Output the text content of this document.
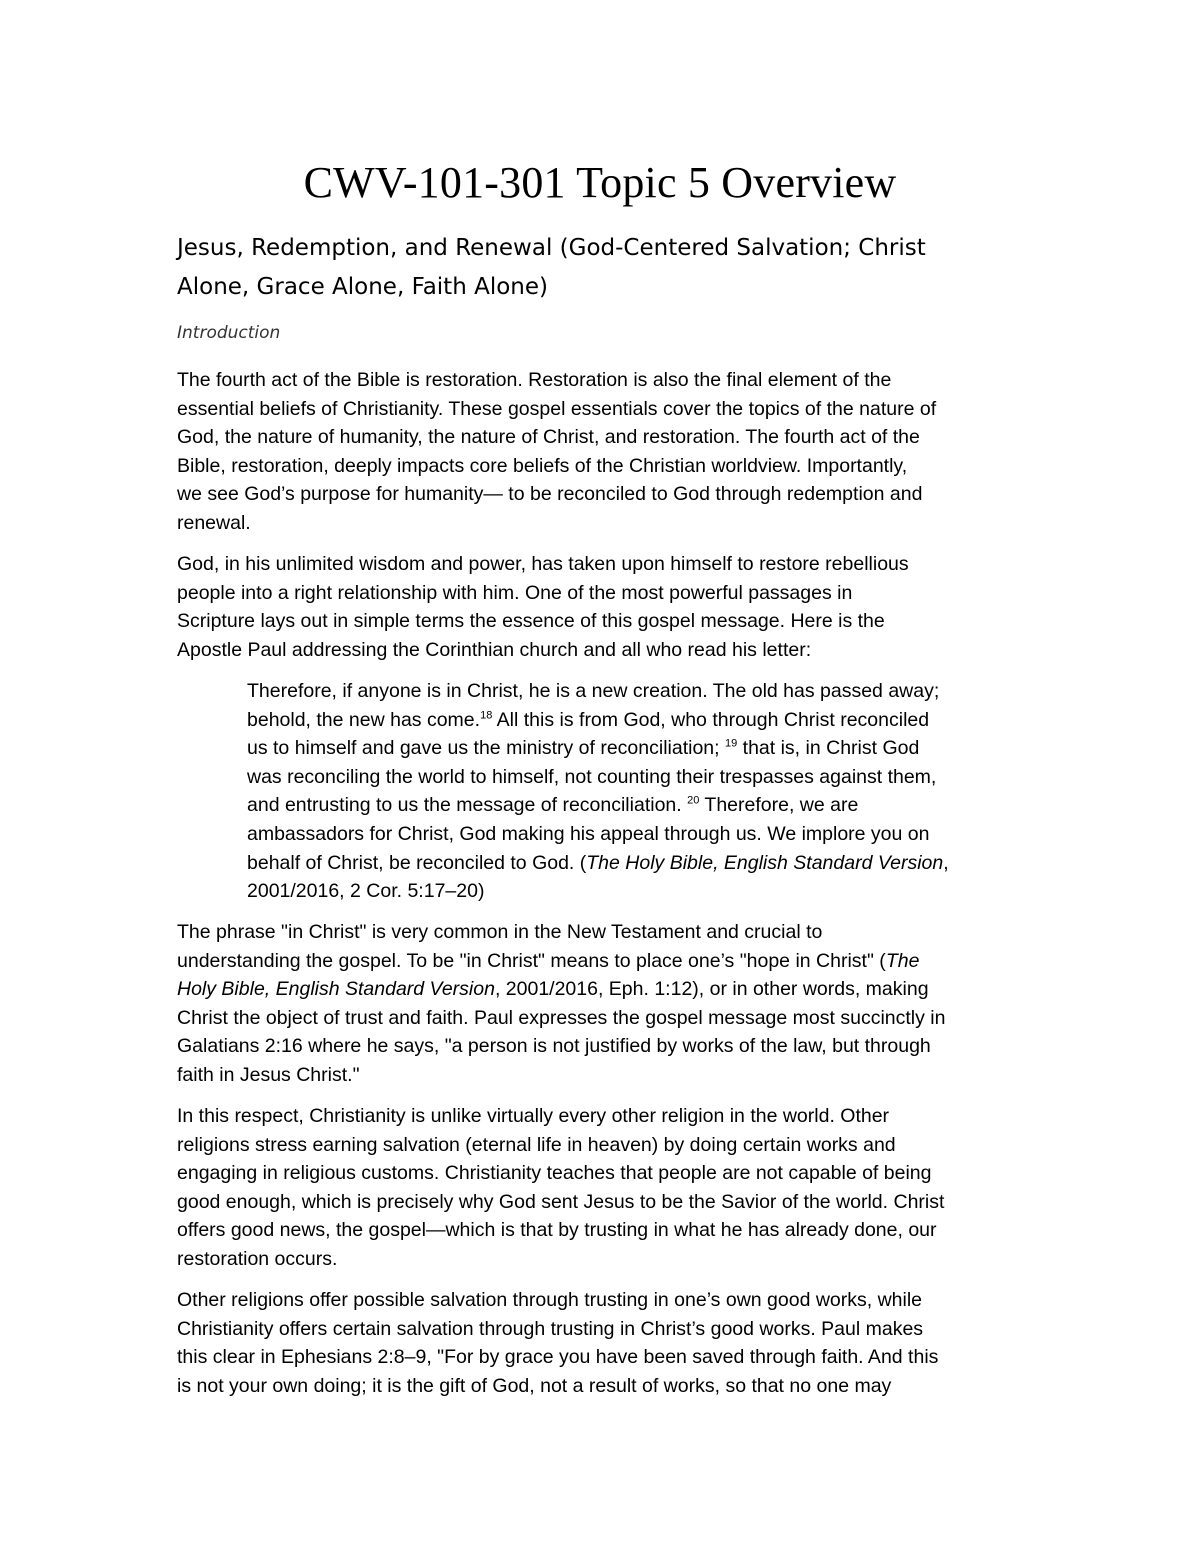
CWV-101-301 Topic 5 Overview
Jesus, Redemption, and Renewal (God-Centered Salvation; Christ
Alone, Grace Alone, Faith Alone)

Introduction

The fourth act of the Bible is restoration. Restoration is also the final element of the
essential beliefs of Christianity. These gospel essentials cover the topics of the nature of
God, the nature of humanity, the nature of Christ, and restoration. The fourth act of the
Bible, restoration, deeply impacts core beliefs of the Christian worldview. Importantly,
we see God’s purpose for humanity— to be reconciled to God through redemption and
renewal.

God, in his unlimited wisdom and power, has taken upon himself to restore rebellious
people into a right relationship with him. One of the most powerful passages in
Scripture lays out in simple terms the essence of this gospel message. Here is the
Apostle Paul addressing the Corinthian church and all who read his letter:

Therefore, if anyone is in Christ, he is a new creation. The old has passed away;
behold, the new has come.$^{18}$ All this is from God, who through Christ reconciled
us to himself and gave us the ministry of reconciliation; $^{19}$ that is, in Christ God
was reconciling the world to himself, not counting their trespasses against them,
and entrusting to us the message of reconciliation. $^{20}$ Therefore, we are
ambassadors for Christ, God making his appeal through us. We implore you on
behalf of Christ, be reconciled to God. (The Holy Bible, English Standard Version,
2001/2016, 2 Cor. 5:17–20)

The phrase "in Christ" is very common in the New Testament and crucial to
understanding the gospel. To be "in Christ" means to place one’s "hope in Christ" (The
Holy Bible, English Standard Version, 2001/2016, Eph. 1:12), or in other words, making
Christ the object of trust and faith. Paul expresses the gospel message most succinctly in
Galatians 2:16 where he says, "a person is not justified by works of the law, but through
faith in Jesus Christ."

In this respect, Christianity is unlike virtually every other religion in the world. Other
religions stress earning salvation (eternal life in heaven) by doing certain works and
engaging in religious customs. Christianity teaches that people are not capable of being
good enough, which is precisely why God sent Jesus to be the Savior of the world. Christ
offers good news, the gospel—which is that by trusting in what he has already done, our
restoration occurs.

Other religions offer possible salvation through trusting in one’s own good works, while
Christianity offers certain salvation through trusting in Christ’s good works. Paul makes
this clear in Ephesians 2:8–9, "For by grace you have been saved through faith. And this
is not your own doing; it is the gift of God, not a result of works, so that no one may
